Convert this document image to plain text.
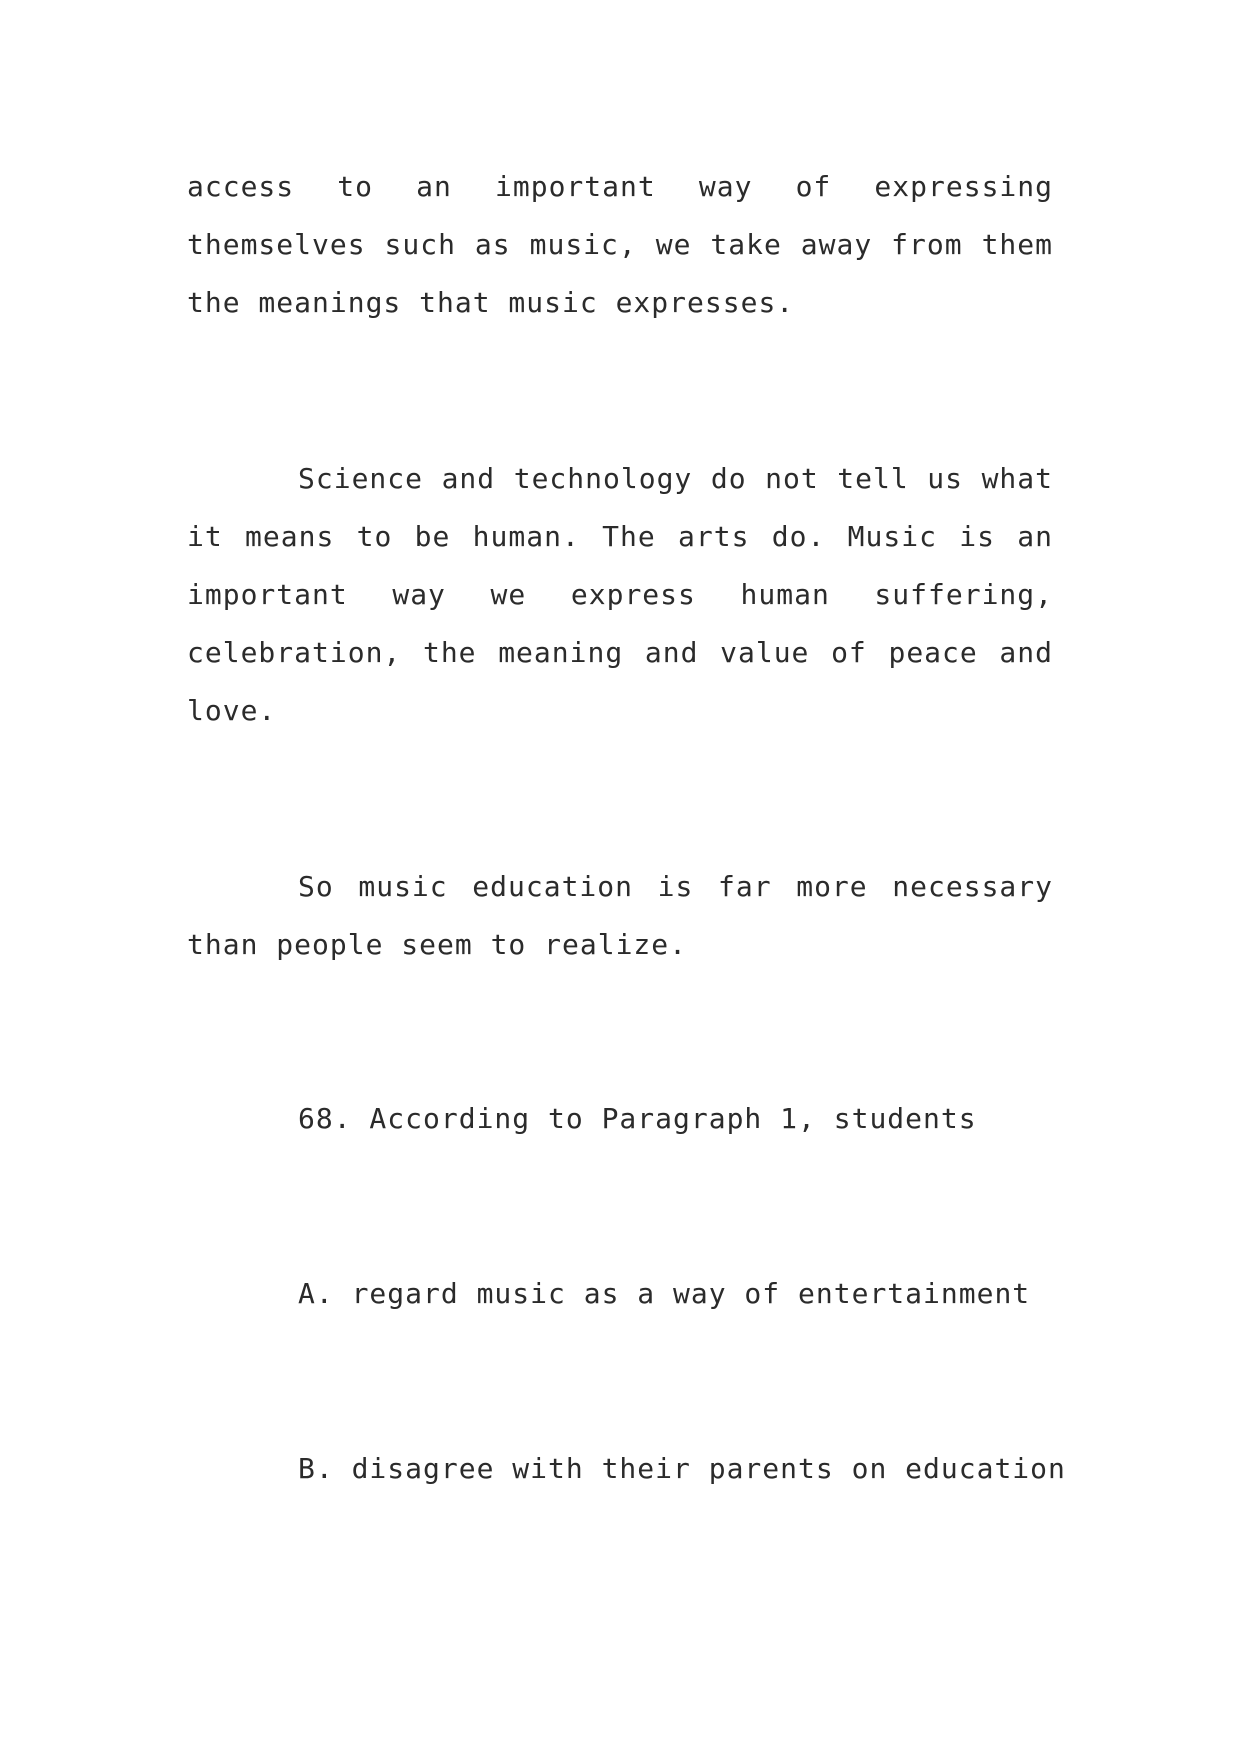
access to an important way of expressing themselves such as music, we take away from them the meanings that music expresses.

Science and technology do not tell us what it means to be human. The arts do. Music is an important way we express human suffering, celebration, the meaning and value of peace and love.

So music education is far more necessary than people seem to realize.

68. According to Paragraph 1, students

A. regard music as a way of entertainment

B. disagree with their parents on education
